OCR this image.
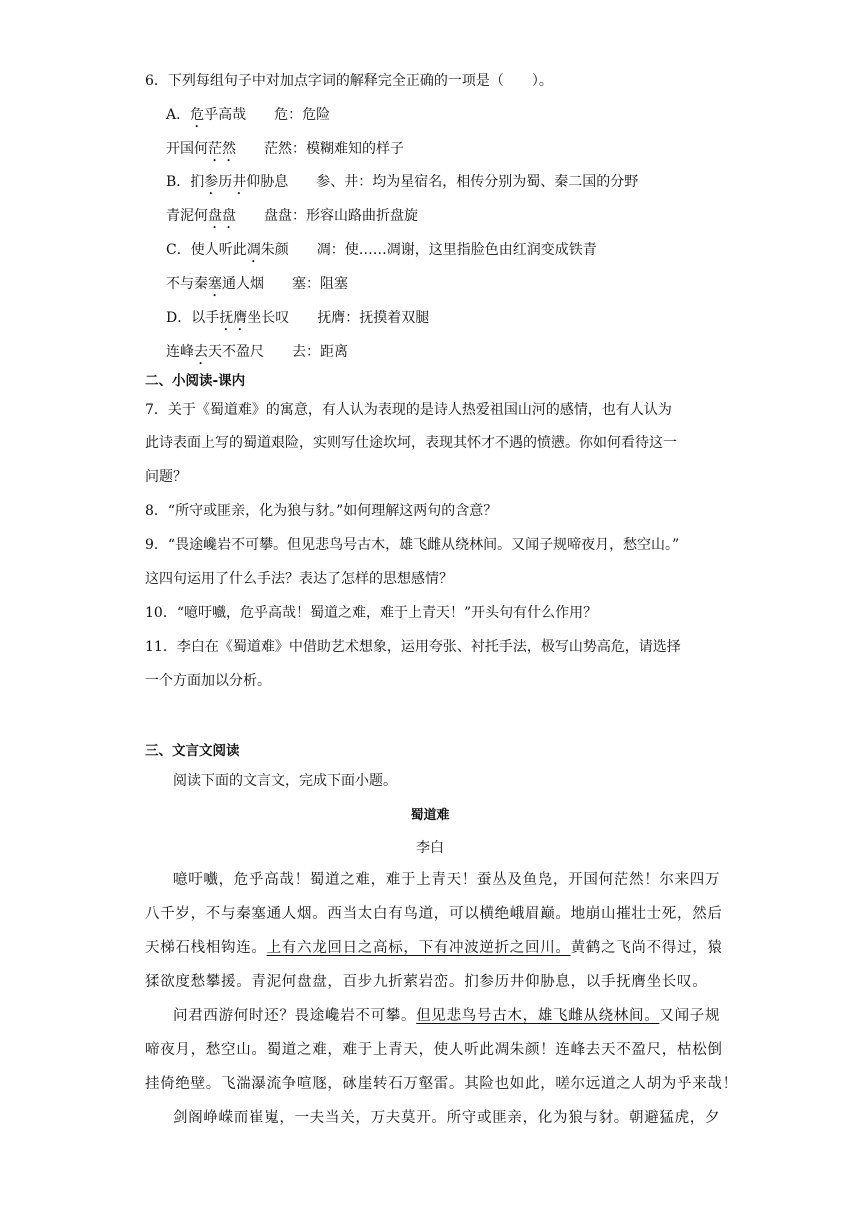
6．下列每组句子中对加点字词的解释完全正确的一项是（　　）。
A．危乎高哉　　危：危险
开国何茫然　　茫然：模糊难知的样子
B．扪参历井仰胁息　　参、井：均为星宿名，相传分别为蜀、秦二国的分野
青泥何盘盘　　盘盘：形容山路曲折盘旋
C．使人听此凋朱颜　　凋：使……凋谢，这里指脸色由红润变成铁青
不与秦塞通人烟　　塞：阻塞
D．以手抚膺坐长叹　　抚膺：抚摸着双腿
连峰去天不盈尺　　去：距离
二、小阅读-课内
7．关于《蜀道难》的寓意，有人认为表现的是诗人热爱祖国山河的感情，也有人认为
此诗表面上写的蜀道艰险，实则写仕途坎坷，表现其怀才不遇的愤懑。你如何看待这一
问题？
8．“所守或匪亲，化为狼与豺。”如何理解这两句的含意？
9．“畏途巉岩不可攀。但见悲鸟号古木，雄飞雌从绕林间。又闻子规啼夜月，愁空山。”
这四句运用了什么手法？表达了怎样的思想感情？
10．“噫吁嚱，危乎高哉！蜀道之难，难于上青天！”开头句有什么作用？
11．李白在《蜀道难》中借助艺术想象，运用夸张、衬托手法，极写山势高危，请选择
一个方面加以分析。
三、文言文阅读
阅读下面的文言文，完成下面小题。
蜀道难
李白
噫吁嚱，危乎高哉！蜀道之难，难于上青天！蚕丛及鱼凫，开国何茫然！尔来四万
八千岁，不与秦塞通人烟。西当太白有鸟道，可以横绝峨眉巅。地崩山摧壮士死，然后
天梯石栈相钩连。上有六龙回日之高标，下有冲波逆折之回川。黄鹤之飞尚不得过，猿
猱欲度愁攀援。青泥何盘盘，百步九折萦岩峦。扪参历井仰胁息，以手抚膺坐长叹。
问君西游何时还？畏途巉岩不可攀。但见悲鸟号古木，雄飞雌从绕林间。又闻子规
啼夜月，愁空山。蜀道之难，难于上青天，使人听此凋朱颜！连峰去天不盈尺，枯松倒
挂倚绝壁。飞湍瀑流争喧豗，砯崖转石万壑雷。其险也如此，嗟尔远道之人胡为乎来哉！
剑阁峥嵘而崔嵬，一夫当关，万夫莫开。所守或匪亲，化为狼与豺。朝避猛虎，夕
